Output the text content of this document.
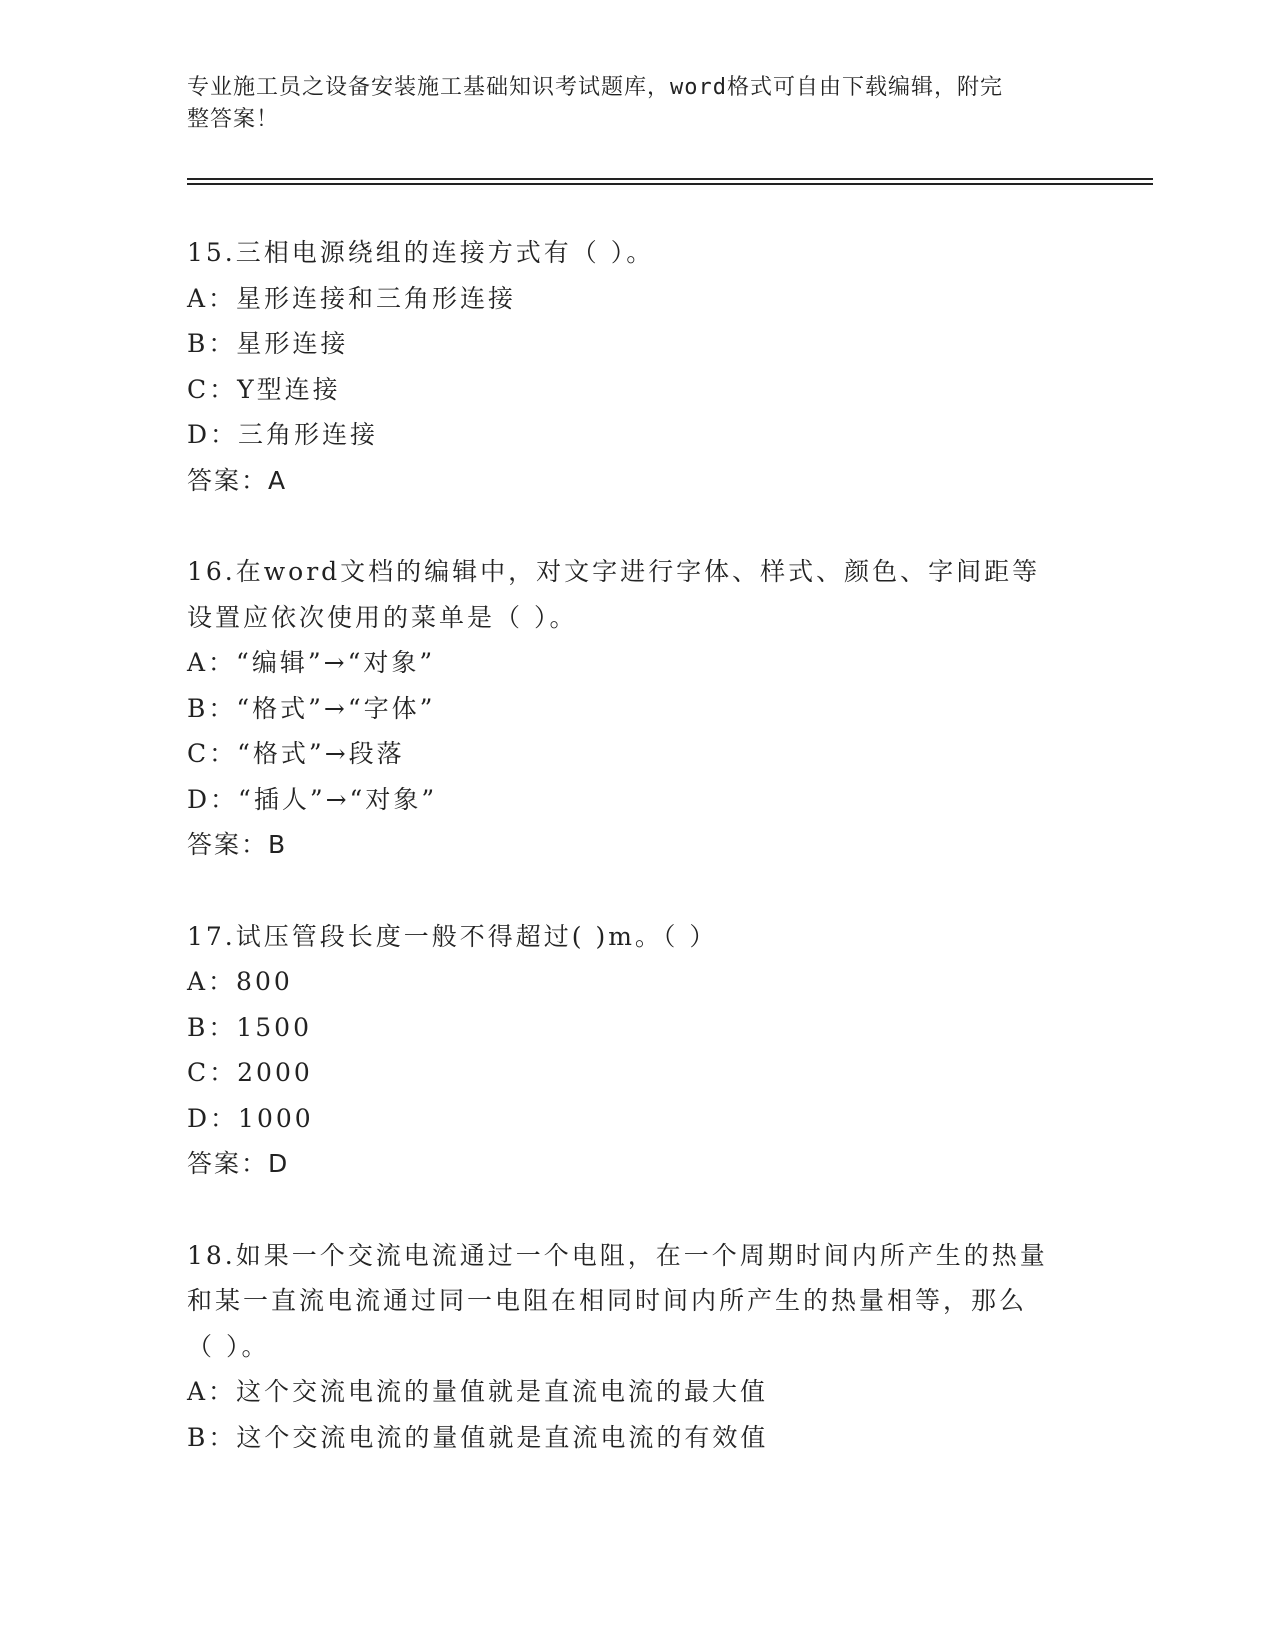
专业施工员之设备安装施工基础知识考试题库，word格式可自由下载编辑，附完
整答案！
15.三相电源绕组的连接方式有（ ）。
A：星形连接和三角形连接
B：星形连接
C：Y型连接
D：三角形连接
答案：A
16.在word文档的编辑中，对文字进行字体、样式、颜色、字间距等
设置应依次使用的菜单是（ ）。
A：“编辑”→“对象”
B：“格式”→“字体”
C：“格式”→段落
D：“插人”→“对象”
答案：B
17.试压管段长度一般不得超过( )m。（ ）
A：800
B：1500
C：2000
D：1000
答案：D
18.如果一个交流电流通过一个电阻，在一个周期时间内所产生的热量
和某一直流电流通过同一电阻在相同时间内所产生的热量相等，那么
（ ）。
A：这个交流电流的量值就是直流电流的最大值
B：这个交流电流的量值就是直流电流的有效值
